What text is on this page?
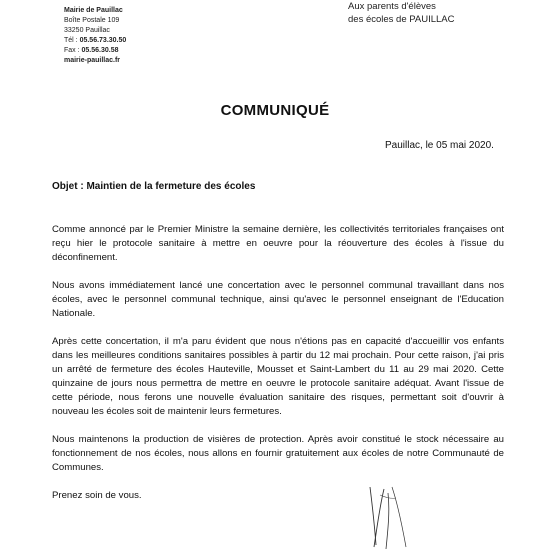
Mairie de Pauillac
Boîte Postale 109
33250 Pauillac
Tél : 05.56.73.30.50
Fax : 05.56.30.58
mairie-pauillac.fr
Aux parents d'élèves
des écoles de PAUILLAC
COMMUNIQUÉ
Pauillac, le 05 mai 2020.
Objet : Maintien de la fermeture des écoles

Comme annoncé par le Premier Ministre la semaine dernière, les collectivités territoriales françaises ont reçu hier le protocole sanitaire à mettre en oeuvre pour la réouverture des écoles à l'issue du déconfinement.

Nous avons immédiatement lancé une concertation avec le personnel communal travaillant dans nos écoles, avec le personnel communal technique, ainsi qu'avec le personnel enseignant de l'Education Nationale.

Après cette concertation, il m'a paru évident que nous n'étions pas en capacité d'accueillir vos enfants dans les meilleures conditions sanitaires possibles à partir du 12 mai prochain. Pour cette raison, j'ai pris un arrêté de fermeture des écoles Hauteville, Mousset et Saint-Lambert du 11 au 29 mai 2020. Cette quinzaine de jours nous permettra de mettre en oeuvre le protocole sanitaire adéquat. Avant l'issue de cette période, nous ferons une nouvelle évaluation sanitaire des risques, permettant soit d'ouvrir à nouveau les écoles soit de maintenir leurs fermetures.

Nous maintenons la production de visières de protection. Après avoir constitué le stock nécessaire au fonctionnement de nos écoles, nous allons en fournir gratuitement aux écoles de notre Communauté de Communes.

Prenez soin de vous.
